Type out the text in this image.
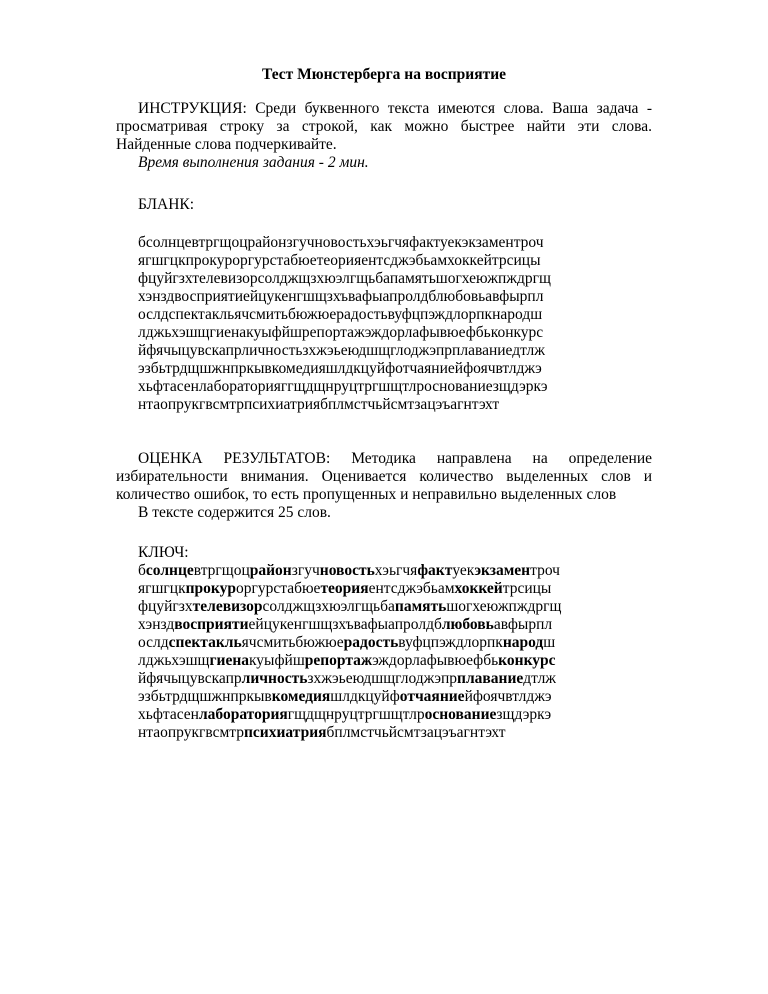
Тест Мюнстерберга на восприятие
ИНСТРУКЦИЯ: Среди буквенного текста имеются слова. Ваша задача -
просматривая строку за строкой, как можно быстрее найти эти слова.
Найденные слова подчеркивайте.
Время выполнения задания - 2 мин.
БЛАНК:
бсолнцевтргщоцрайонзгучновостьхэьгчяфактуекэкзаментроч
ягшгцкпрокуроргурстабюетеорияентсджэбьамхоккейтрсицы
фцуйгзхтелевизорсолджщзхюэлгщьбапамятьшогхеюжпждргщ
хэнздвосприятиейцукенгшщзхъвафыапролдблюбовьавфырпл
ослдспектакльячсмитьбюжюерадостьвуфцпэждлорпкнародш
лджьхэшщгиенакуыфйшрепортажэждорлафывюефбьконкурс
йфячыцувскапрличностьзхжэьеюдшщглоджэпрплаваниедтлж
эзбьтрдщшжнпркывкомедияшлдкцуйфотчаяниейфоячвтлджэ
хьфтасенлабораторияггщдщнруцтргшщтлроснованиезщдэркэ
нтаопрукгвсмтрпсихиатриябплмстчьйсмтзацэъагнтэхт
ОЦЕНКА РЕЗУЛЬТАТОВ: Методика направлена на определение
избирательности внимания. Оценивается количество выделенных слов и
количество ошибок, то есть пропущенных и неправильно выделенных слов
В тексте содержится 25 слов.
КЛЮЧ:
бсолнцевтргщоцрайонзгучновостьхэьгчяфактуекэкзаментроч
ягшгцкпрокуроргурстабюетеорияентсджэбьамхоккейтрсицы
фцуйгзхтелевизорсолджщзхюэлгщьбапамятьшогхеюжпждргщ
хэнздвосприятиейцукенгшщзхъвафыапролдблюбовьавфырпл
ослдспектакльячсмитьбюжюерадостьвуфцпэждлорпкнародш
лджьхэшщгиенакуыфйшрепортажэждорлафывюефбьконкурс
йфячыцувскапрличностьзхжэьеюдшщглоджэпрплаваниедтлж
эзбьтрдщшжнпркывкомедияшлдкцуйфотчаяниейфоячвтлджэ
хьфтасенлабораториягщдщнруцтргшщтлроснованиезщдэркэ
нтаопрукгвсмтрпсихиатриябплмстчьйсмтзацэъагнтэхт
